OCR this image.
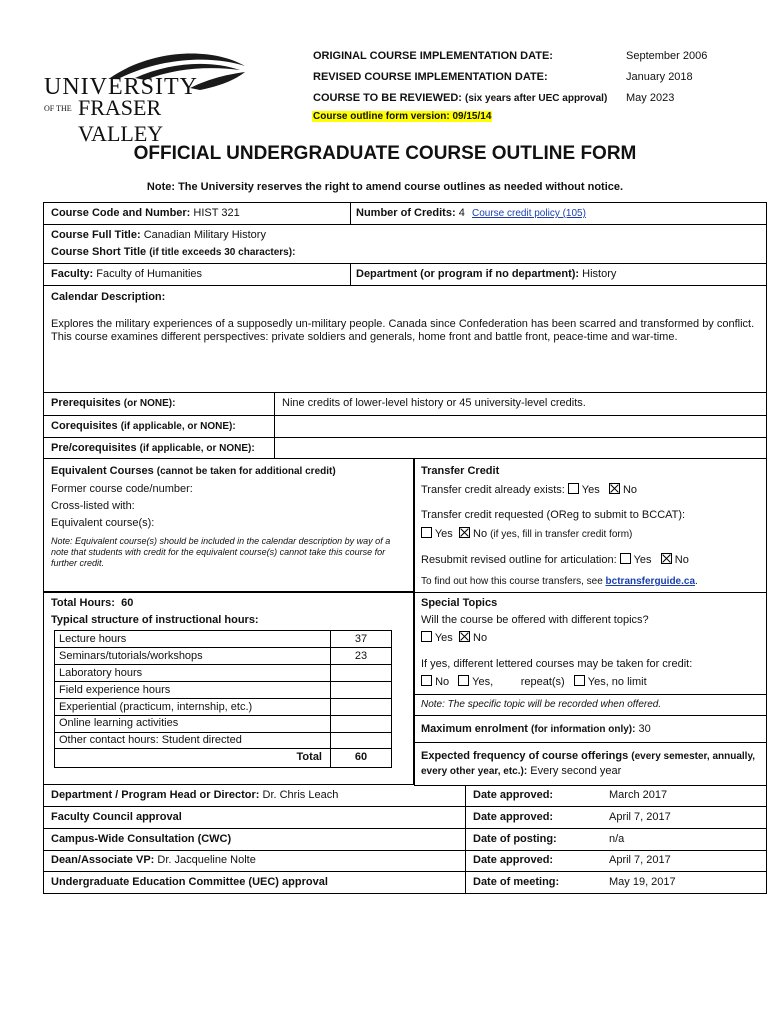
UNIVERSITY
OF THE FRASER VALLEY
ORIGINAL COURSE IMPLEMENTATION DATE:	September 2006
REVISED COURSE IMPLEMENTATION DATE:	January 2018
COURSE TO BE REVIEWED: (six years after UEC approval) May 2023
Course outline form version: 09/15/14
OFFICIAL UNDERGRADUATE COURSE OUTLINE FORM
Note: The University reserves the right to amend course outlines as needed without notice.
Course Code and Number: HIST 321	Number of Credits: 4 Course credit policy (105)
Course Full Title: Canadian Military History
Course Short Title (if title exceeds 30 characters):
Faculty: Faculty of Humanities	Department (or program if no department): History
Calendar Description:
Explores the military experiences of a supposedly un-military people. Canada since Confederation has been scarred and transformed by conflict. This course examines different perspectives: private soldiers and generals, home front and battle front, peace-time and war-time.
Prerequisites (or NONE):	Nine credits of lower-level history or 45 university-level credits.
Corequisites (if applicable, or NONE):
Pre/corequisites (if applicable, or NONE):
Equivalent Courses (cannot be taken for additional credit)
Former course code/number:
Cross-listed with:
Equivalent course(s):
Note: Equivalent course(s) should be included in the calendar description by way of a note that students with credit for the equivalent course(s) cannot take this course for further credit.
Transfer Credit
Transfer credit already exists: Yes No
Transfer credit requested (OReg to submit to BCCAT):
Yes No (if yes, fill in transfer credit form)
Resubmit revised outline for articulation: Yes No
To find out how this course transfers, see bctransferguide.ca.
Total Hours: 60
Typical structure of instructional hours:
Lecture hours	37
Seminars/tutorials/workshops	23
Laboratory hours
Field experience hours
Experiential (practicum, internship, etc.)
Online learning activities
Other contact hours: Student directed
Total	60
Special Topics
Will the course be offered with different topics?
Yes No
If yes, different lettered courses may be taken for credit:
No Yes,	repeat(s) Yes, no limit
Note: The specific topic will be recorded when offered.
Maximum enrolment (for information only): 30
Expected frequency of course offerings (every semester, annually, every other year, etc.): Every second year
Department / Program Head or Director: Dr. Chris Leach	Date approved:	March 2017
Faculty Council approval	Date approved:	April 7, 2017
Campus-Wide Consultation (CWC)	Date of posting:	n/a
Dean/Associate VP: Dr. Jacqueline Nolte	Date approved:	April 7, 2017
Undergraduate Education Committee (UEC) approval	Date of meeting:	May 19, 2017
